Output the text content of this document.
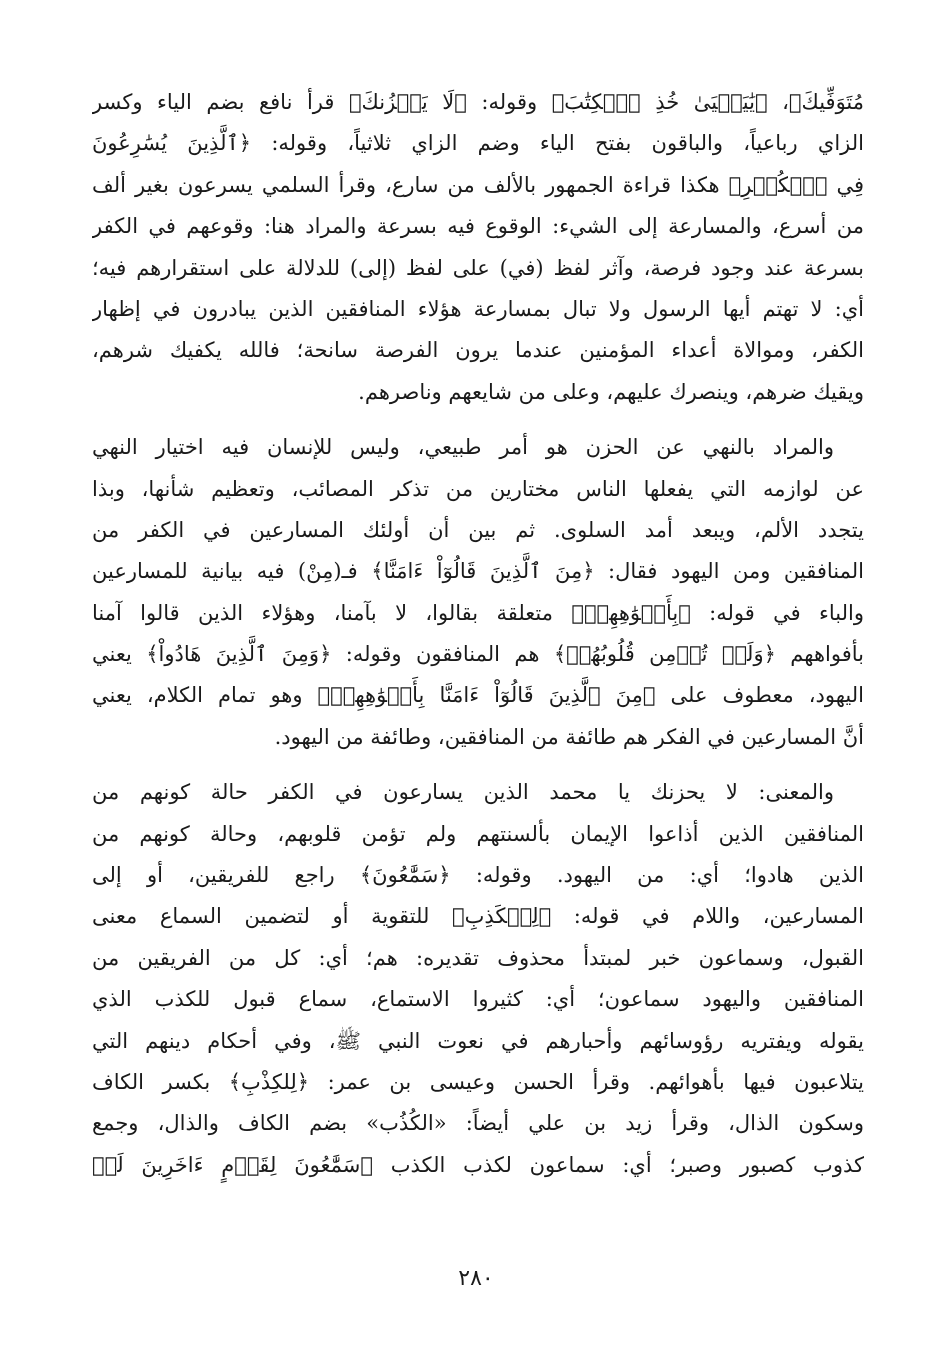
مُتَوَفِّيكَ﴾، ﴿يَٰيَحۡيَىٰ خُذِ ٱلۡكِتَٰبَ﴾ وقوله: ﴿لَا يَحۡزُنكَ﴾ قرأ نافع بضم الياء وكسر
الزاي رباعياً، والباقون بفتح الياء وضم الزاي ثلاثياً، وقوله: ﴿ٱلَّذِينَ يُسَٰرِعُونَ
فِي ٱلۡكُفۡرِ﴾ هكذا قراءة الجمهور بالألف من سارع، وقرأ السلمي يسرعون بغير ألف
من أسرع، والمسارعة إلى الشيء: الوقوع فيه بسرعة والمراد هنا: وقوعهم في الكفر
بسرعة عند وجود فرصة، وآثر لفظ (في) على لفظ (إلى) للدلالة على استقرارهم فيه؛
أي: لا تهتم أيها الرسول ولا تبال بمسارعة هؤلاء المنافقين الذين يبادرون في إظهار
الكفر، وموالاة أعداء المؤمنين عندما يرون الفرصة سانحة؛ فالله يكفيك شرهم،
ويقيك ضرهم، وينصرك عليهم، وعلى من شايعهم وناصرهم.
والمراد بالنهي عن الحزن هو أمر طبيعي، وليس للإنسان فيه اختيار النهي
عن لوازمه التي يفعلها الناس مختارين من تذكر المصائب، وتعظيم شأنها، وبذا
يتجدد الألم، ويبعد أمد السلوى. ثم بين أن أولئك المسارعين في الكفر من
المنافقين ومن اليهود فقال: ﴿مِنَ ٱلَّذِينَ قَالُوٓاْ ءَامَنَّا﴾ فـ(مِنْ) فيه بيانية للمسارعين
والباء في قوله: ﴿بِأَفۡوَٰهِهِمۡ﴾ متعلقة بقالوا، لا بآمنا، وهؤلاء الذين قالوا آمنا
بأفواههم ﴿وَلَمۡ تُؤۡمِن قُلُوبُهُمۡ﴾ هم المنافقون وقوله: ﴿وَمِنَ ٱلَّذِينَ هَادُواْ﴾ يعني
اليهود، معطوف على ﴿مِنَ ٱلَّذِينَ قَالُوٓاْ ءَامَنَّا بِأَفۡوَٰهِهِمۡ﴾ وهو تمام الكلام، يعني
أنَّ المسارعين في الفكر هم طائفة من المنافقين، وطائفة من اليهود.
والمعنى: لا يحزنك يا محمد الذين يسارعون في الكفر حالة كونهم من
المنافقين الذين أذاعوا الإيمان بألسنتهم ولم تؤمن قلوبهم، وحالة كونهم من
الذين هادوا؛ أي: من اليهود. وقوله: ﴿سَمَّٰعُونَ﴾ راجع للفريقين، أو إلى
المسارعين، واللام في قوله: ﴿لِلۡكَذِبِ﴾ للتقوية أو لتضمين السماع معنى
القبول، وسماعون خبر لمبتدأ محذوف تقديره: هم؛ أي: كل من الفريقين من
المنافقين واليهود سماعون؛ أي: كثيروا الاستماع، سماع قبول للكذب الذي
يقوله ويفتريه رؤوسائهم وأحبارهم في نعوت النبي ﷺ، وفي أحكام دينهم التي
يتلاعبون فيها بأهوائهم. وقرأ الحسن وعيسى بن عمر: ﴿لِلكِذْبِ﴾ بكسر الكاف
وسكون الذال، وقرأ زيد بن علي أيضاً: «الكُذُب» بضم الكاف والذال، وجمع
كذوب كصبور وصبر؛ أي: سماعون لكذب الكذب ﴿سَمَّٰعُونَ لِقَوۡمٍ ءَاخَرِينَ لَمۡ
٢٨٠
